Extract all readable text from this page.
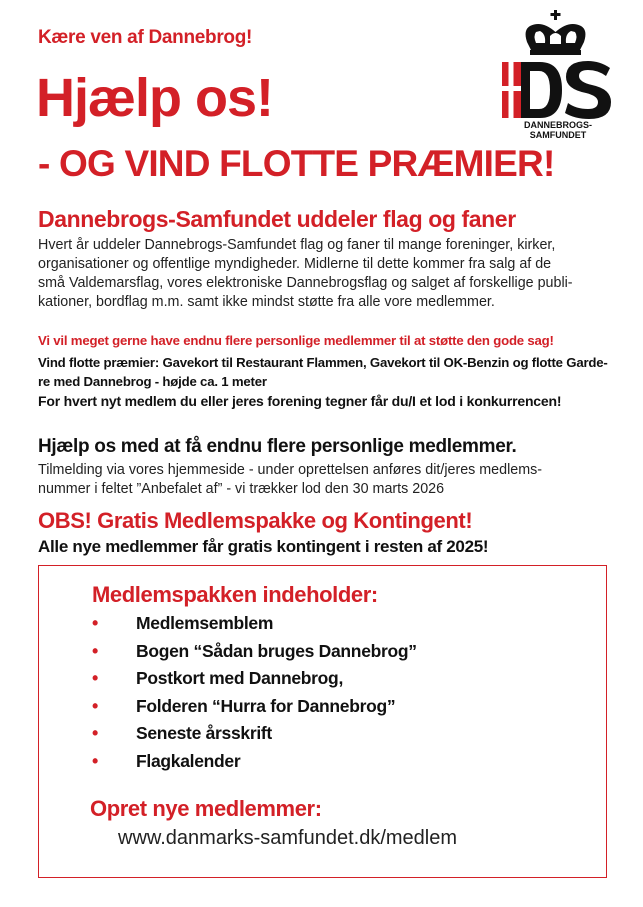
Kære ven af Dannebrog!
Hjælp os!
- OG VIND FLOTTE PRÆMIER!
DANNEBROGS-SAMFUNDET
Dannebrogs-Samfundet uddeler flag og faner
Hvert år uddeler Dannebrogs-Samfundet flag og faner til mange foreninger, kirker,
organisationer og offentlige myndigheder. Midlerne til dette kommer fra salg af de
små Valdemarsflag, vores elektroniske Dannebrogsflag og salget af forskellige publi-
kationer, bordflag m.m. samt ikke mindst støtte fra alle vore medlemmer.
Vi vil meget gerne have endnu flere personlige medlemmer til at støtte den gode sag!
Vind flotte præmier: Gavekort til Restaurant Flammen, Gavekort til OK-Benzin og flotte Garde-
re med Dannebrog - højde ca. 1 meter
For hvert nyt medlem du eller jeres forening tegner får du/I et lod i konkurrencen!
Hjælp os med at få endnu flere personlige medlemmer.
Tilmelding via vores hjemmeside - under oprettelsen anføres dit/jeres medlems-
nummer i feltet ”Anbefalet af” - vi trækker lod den 30 marts 2026
OBS! Gratis Medlemspakke og Kontingent!
Alle nye medlemmer får gratis kontingent i resten af 2025!
Medlemspakken indeholder:
•	Medlemsemblem
•	Bogen “Sådan bruges Dannebrog”
•	Postkort med Dannebrog,
•	Folderen “Hurra for Dannebrog”
•	Seneste årsskrift
•	Flagkalender
Opret nye medlemmer:
www.danmarks-samfundet.dk/medlem
